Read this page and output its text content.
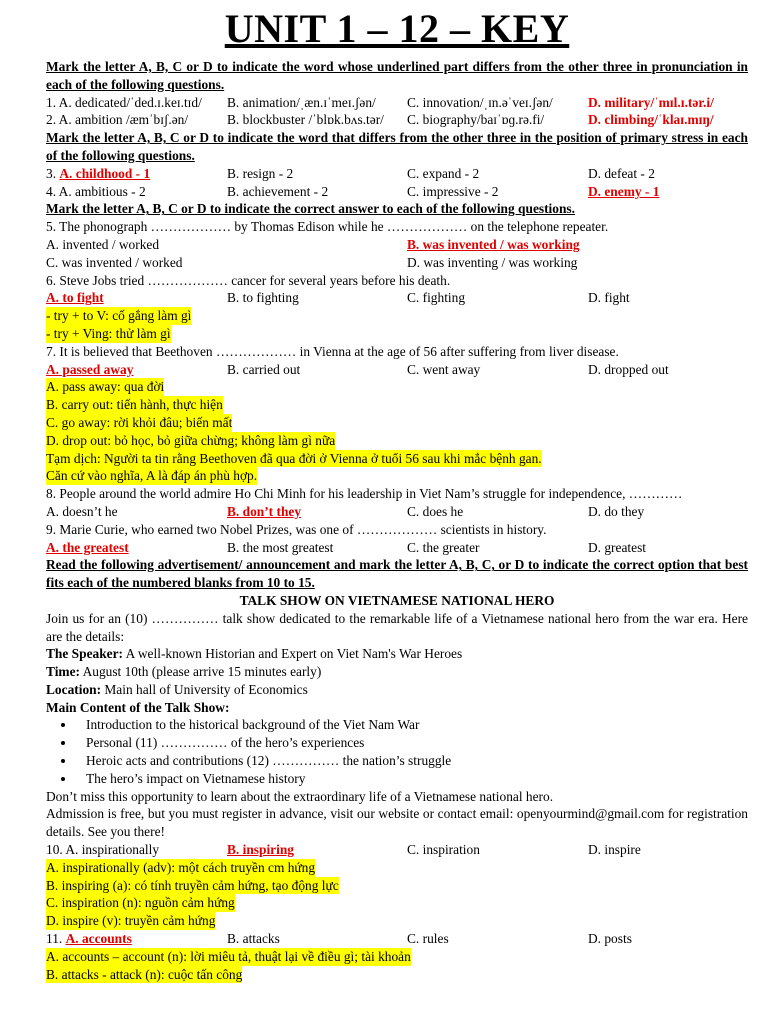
UNIT 1 – 12 – KEY
Mark the letter A, B, C or D to indicate the word whose underlined part differs from the other three in pronunciation in each of the following questions.
1. A. dedicated/ˈded.ɪ.keɪ.tɪd/	B. animation/ˌæn.ɪˈmeɪ.ʃən/	C. innovation/ˌɪn.əˈveɪ.ʃən/	D. military/ˈmɪl.ɪ.tər.i/
2. A. ambition /æmˈbɪʃ.ən/	B. blockbuster /ˈblɒk.bʌs.tər/	C. biography/baɪˈɒɡ.rə.fi/	D. climbing/ˈklaɪ.mɪŋ/
Mark the letter A, B, C or D to indicate the word that differs from the other three in the position of primary stress in each of the following questions.
3. A. childhood - 1	B. resign - 2	C. expand - 2	D. defeat - 2
4. A. ambitious - 2	B. achievement - 2	C. impressive - 2	D. enemy - 1
Mark the letter A, B, C or D to indicate the correct answer to each of the following questions.
5. The phonograph ……………… by Thomas Edison while he ……………… on the telephone repeater.
A. invented / worked	B. was invented / was working
C. was invented / worked	D. was inventing / was working
6. Steve Jobs tried ……………… cancer for several years before his death.
A. to fight	B. to fighting	C. fighting	D. fight
- try + to V: cố gắng làm gì
- try + Ving: thử làm gì
7. It is believed that Beethoven ……………… in Vienna at the age of 56 after suffering from liver disease.
A. passed away	B. carried out	C. went away	D. dropped out
A. pass away: qua đời
B. carry out: tiến hành, thực hiện
C. go away: rời khỏi đâu; biến mất
D. drop out: bỏ học, bỏ giữa chừng; không làm gì nữa
Tạm dịch: Người ta tin rằng Beethoven đã qua đời ở Vienna ở tuổi 56 sau khi mắc bệnh gan.
Căn cứ vào nghĩa, A là đáp án phù hợp.
8. People around the world admire Ho Chi Minh for his leadership in Viet Nam’s struggle for independence, …………
A. doesn’t he	B. don’t they	C. does he	D. do they
9. Marie Curie, who earned two Nobel Prizes, was one of ……………… scientists in history.
A. the greatest	B. the most greatest	C. the greater	D. greatest
Read the following advertisement/ announcement and mark the letter A, B, C, or D to indicate the correct option that best fits each of the numbered blanks from 10 to 15.
TALK SHOW ON VIETNAMESE NATIONAL HERO
Join us for an (10) …………… talk show dedicated to the remarkable life of a Vietnamese national hero from the war era. Here are the details:
The Speaker: A well-known Historian and Expert on Viet Nam's War Heroes
Time: August 10th (please arrive 15 minutes early)
Location: Main hall of University of Economics
Main Content of the Talk Show:
• Introduction to the historical background of the Viet Nam War
• Personal (11) …………… of the hero’s experiences
• Heroic acts and contributions (12) …………… the nation’s struggle
• The hero’s impact on Vietnamese history
Don’t miss this opportunity to learn about the extraordinary life of a Vietnamese national hero.
Admission is free, but you must register in advance, visit our website or contact email: openyourmind@gmail.com for registration details. See you there!
10. A. inspirationally	B. inspiring	C. inspiration	D. inspire
A. inspirationally (adv): một cách truyền cm hứng
B. inspiring (a): có tính truyền cảm hứng, tạo động lực
C. inspiration (n): nguồn cảm hứng
D. inspire (v): truyền cảm hứng
11. A. accounts	B. attacks	C. rules	D. posts
A. accounts – account (n): lời miêu tả, thuật lại về điều gì; tài khoản
B. attacks - attack (n): cuộc tấn công
